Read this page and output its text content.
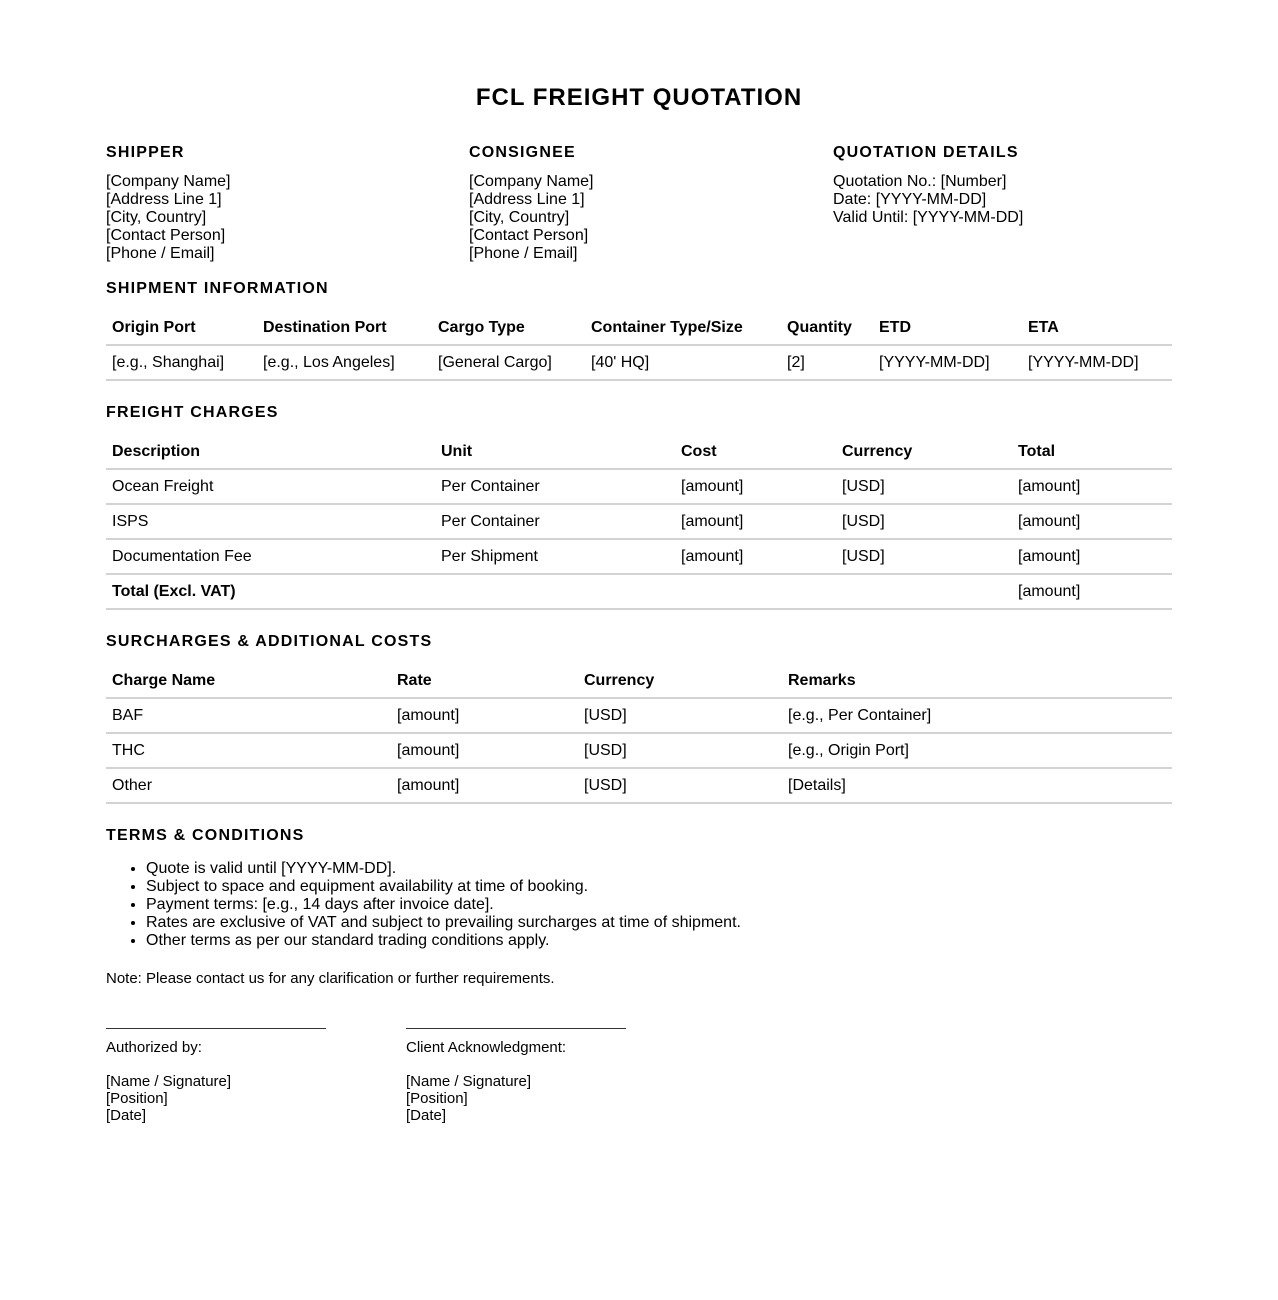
FCL FREIGHT QUOTATION
SHIPPER
[Company Name]
[Address Line 1]
[City, Country]
[Contact Person]
[Phone / Email]
CONSIGNEE
[Company Name]
[Address Line 1]
[City, Country]
[Contact Person]
[Phone / Email]
QUOTATION DETAILS
Quotation No.: [Number]
Date: [YYYY-MM-DD]
Valid Until: [YYYY-MM-DD]
SHIPMENT INFORMATION
Origin Port	Destination Port	Cargo Type	Container Type/Size	Quantity	ETD	ETA
[e.g., Shanghai]	[e.g., Los Angeles]	[General Cargo]	[40' HQ]	[2]	[YYYY-MM-DD]	[YYYY-MM-DD]
FREIGHT CHARGES
Description	Unit	Cost	Currency	Total
Ocean Freight	Per Container	[amount]	[USD]	[amount]
ISPS	Per Container	[amount]	[USD]	[amount]
Documentation Fee	Per Shipment	[amount]	[USD]	[amount]
Total (Excl. VAT)				[amount]
SURCHARGES & ADDITIONAL COSTS
Charge Name	Rate	Currency	Remarks
BAF	[amount]	[USD]	[e.g., Per Container]
THC	[amount]	[USD]	[e.g., Origin Port]
Other	[amount]	[USD]	[Details]
TERMS & CONDITIONS
• Quote is valid until [YYYY-MM-DD].
• Subject to space and equipment availability at time of booking.
• Payment terms: [e.g., 14 days after invoice date].
• Rates are exclusive of VAT and subject to prevailing surcharges at time of shipment.
• Other terms as per our standard trading conditions apply.
Note: Please contact us for any clarification or further requirements.
Authorized by:
[Name / Signature]
[Position]
[Date]
Client Acknowledgment:
[Name / Signature]
[Position]
[Date]
